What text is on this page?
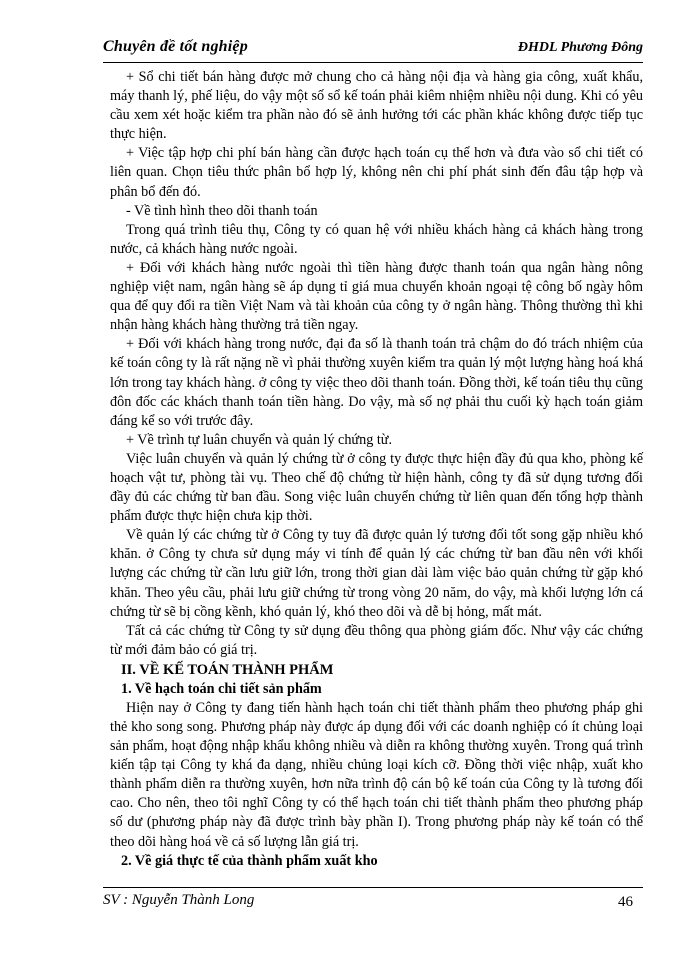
Chuyên đề tốt nghiệp	ĐHDL Phương Đông

+ Sổ chi tiết bán hàng được mở chung cho cả hàng nội địa và hàng gia công, xuất khẩu, máy thanh lý, phế liệu, do vậy một số sổ kế toán phải kiêm nhiệm nhiều nội dung. Khi có yêu cầu xem xét hoặc kiểm tra phần nào đó sẽ ảnh hưởng tới các phần khác không được tiếp tục thực hiện.

+ Việc tập hợp chi phí bán hàng cần được hạch toán cụ thể hơn và đưa vào sổ chi tiết có liên quan. Chọn tiêu thức phân bổ hợp lý, không nên chi phí phát sinh đến đâu tập hợp và phân bổ đến đó.

- Về tình hình theo dõi thanh toán

Trong quá trình tiêu thụ, Công ty có quan hệ với nhiều khách hàng cả khách hàng trong nước, cả khách hàng nước ngoài.

+ Đối với khách hàng nước ngoài thì tiền hàng được thanh toán qua ngân hàng nông nghiệp việt nam, ngân hàng sẽ áp dụng tỉ giá mua chuyển khoản ngoại tệ công bố ngày hôm qua để quy đổi ra tiền Việt Nam và tài khoản của công ty ở ngân hàng. Thông thường thì khi nhận hàng khách hàng thường trả tiền ngay.

+ Đối với khách hàng trong nước, đại đa số là thanh toán trả chậm do đó trách nhiệm của kế toán công ty là rất nặng nề vì phải thường xuyên kiểm tra quản lý một lượng hàng hoá khá lớn trong tay khách hàng. ở công ty việc theo dõi thanh toán. Đồng thời, kế toán tiêu thụ cũng đôn đốc các khách thanh toán tiền hàng. Do vậy, mà số nợ phải thu cuối kỳ hạch toán giảm đáng kể so với trước đây.

+ Về trình tự luân chuyển và quản lý chứng từ.

Việc luân chuyển và quản lý chứng từ ở công ty được thực hiện đầy đủ qua kho, phòng kế hoạch vật tư, phòng tài vụ. Theo chế độ chứng từ hiện hành, công ty đã sử dụng tương đối đầy đủ các chứng từ ban đầu. Song việc luân chuyển chứng từ liên quan đến tổng hợp thành phẩm được thực hiện chưa kịp thời.

Về quản lý các chứng từ ở Công ty tuy đã được quản lý tương đối tốt song gặp nhiều khó khăn. ở Công ty chưa sử dụng máy vi tính để quản lý các chứng từ ban đầu nên với khối lượng các chứng từ cần lưu giữ lớn, trong thời gian dài làm việc bảo quản chứng từ gặp khó khăn. Theo yêu cầu, phải lưu giữ chứng từ trong vòng 20 năm, do vậy, mà khối lượng lớn cá chứng từ sẽ bị cồng kềnh, khó quản lý, khó theo dõi và dễ bị hỏng, mất mát.

Tất cả các chứng từ Công ty sử dụng đều thông qua phòng giám đốc. Như vậy các chứng từ mới đảm bảo có giá trị.

II. VỀ KẾ TOÁN THÀNH PHẨM
1. Về hạch toán chi tiết sản phẩm

Hiện nay ở Công ty đang tiến hành hạch toán chi tiết thành phẩm theo phương pháp ghi thẻ kho song song. Phương pháp này được áp dụng đối với các doanh nghiệp có ít chủng loại sản phẩm, hoạt động nhập khẩu không nhiều và diễn ra không thường xuyên. Trong quá trình kiến tập tại Công ty khá đa dạng, nhiều chủng loại kích cỡ. Đồng thời việc nhập, xuất kho thành phẩm diễn ra thường xuyên, hơn nữa trình độ cán bộ kế toán của Công ty là tương đối cao. Cho nên, theo tôi nghĩ Công ty có thể hạch toán chi tiết thành phẩm theo phương pháp số dư (phương pháp này đã được trình bày phần I). Trong phương pháp này kế toán có thể theo dõi hàng hoá về cả số lượng lẫn giá trị.

2. Về giá thực tế của thành phẩm xuất kho
SV : Nguyễn Thành Long	46
